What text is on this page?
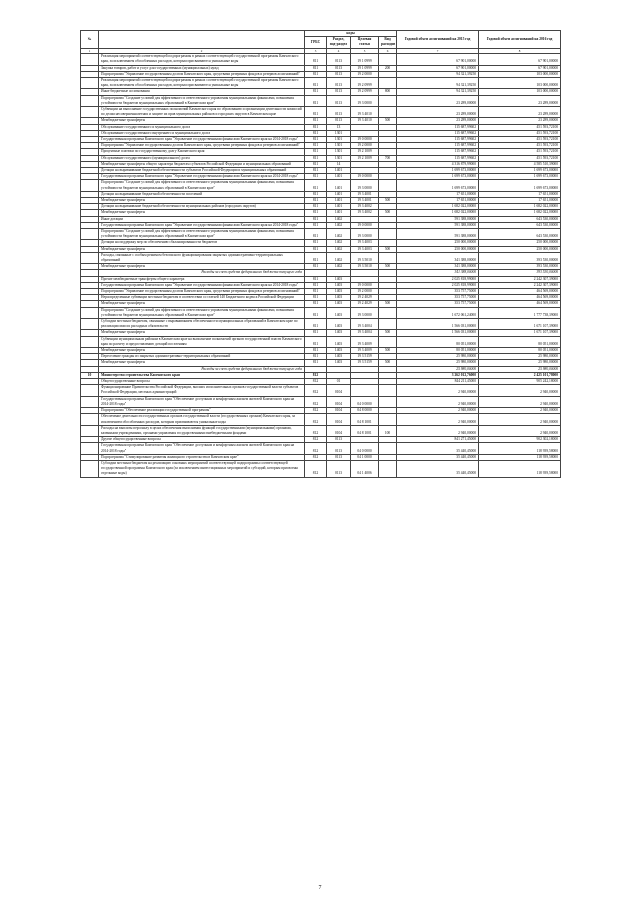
№		коды				Годовой объем ассигнований на 2015 год	Годовой объем ассигнований на 2016 год
		ГРБС	Раздел, под-раздел	Целевая статья	Вид расходов		
1	2	3	4	5	6	7	8
	Реализация мероприятий соответствующей подпрограммы в рамках соответствующей государственной программы Камчатского края, за исключением обособленных расходов, которым присваиваются уникальные коды	811	0113	19 1 0999		67 901,00000	67 901,00000
	Закупка товаров, работ и услуг для государственных (муниципальных) нужд	811	0113	19 1 0999	200	67 901,00000	67 901,00000
	Подпрограмма "Управление государственным долгом Камчатского края, средствами резервных фондов и резервов ассигнований"	811	0113	19 2 0000		94 321,39250	103 000,00000
	Реализация мероприятий соответствующей подпрограммы в рамках соответствующей государственной программы Камчатского края, за исключением обособленных расходов, которым присваиваются уникальные коды	811	0113	19 2 0999		94 321,39250	103 000,00000
	Иные бюджетные ассигнования	811	0113	19 2 0999	800	94 321,39250	103 000,00000
	Подпрограмма "Создание условий для эффективного и ответственного управления муниципальными финансами, повышения устойчивости бюджетов муниципальных образований в Камчатском крае"	811	0113	19 3 0000		23 289,00000	23 289,00000
	Субвенции на выполнение государственных полномочий Камчатского края по образованию и организации деятельности комиссий по делам несовершеннолетних и защите их прав муниципальных районов и городских округов в Камчатском крае	811	0113	19 3 4010		23 289,00000	23 289,00000
	Межбюджетные трансферты	811	0113	19 3 4010	500	23 289,00000	23 289,00000
	Обслуживание государственного и муниципального долга	811	13			115 687,99602	451 593,72100
	Обслуживание государственного внутреннего и муниципального долга	811	1301			115 687,99602	451 593,72100
	Государственная программа Камчатского края "Управление государственными финансами Камчатского края на 2014-2018 годы"	811	1301	19 0 0000		115 687,99602	451 593,72100
	Подпрограмма "Управление государственным долгом Камчатского края, средствами резервных фондов и резервов ассигнований"	811	1301	19 2 0000		115 687,99602	451 593,72100
	Процентные платежи по государственному долгу Камчатского края	811	1301	19 2 1009		115 687,99602	451 593,72100
	Обслуживание государственного (муниципального) долга	811	1301	19 2 1009	700	115 687,99602	451 593,72100
	Межбюджетные трансферты общего характера бюджетам субъектов Российской Федерации и муниципальных образований	811	14			4 316 879,99000	4 585 510,39000
	Дотации на выравнивание бюджетной обеспеченности субъектов Российской Федерации и муниципальных образований	811	1401			1 699 673,00000	1 699 673,00000
	Государственная программа Камчатского края "Управление государственными финансами Камчатского края на 2014-2018 годы"	811	1401	19 0 0000		1 699 673,00000	1 699 673,00000
	Подпрограмма "Создание условий для эффективного и ответственного управления муниципальными финансами, повышения устойчивости бюджетов муниципальных образований в Камчатском крае"	811	1401	19 3 0000		1 699 673,00000	1 699 673,00000
	Дотации на выравнивание бюджетной обеспеченности поселений	811	1401	19 3 4001		17 651,00000	17 651,00000
	Межбюджетные трансферты	811	1401	19 3 4001	500	17 651,00000	17 651,00000
	Дотации на выравнивание бюджетной обеспеченности муниципальных районов (городских округов)	811	1401	19 3 4002		1 682 022,00000	1 682 022,00000
	Межбюджетные трансферты	811	1401	19 3 4002	500	1 682 022,00000	1 682 022,00000
	Иные дотации	811	1402			591 388,00000	643 530,00000
	Государственная программа Камчатского края "Управление государственными финансами Камчатского края на 2014-2018 годы"	811	1402	19 0 0000		591 388,00000	643 530,00000
	Подпрограмма "Создание условий для эффективного и ответственного управления муниципальными финансами, повышения устойчивости бюджетов муниципальных образований в Камчатском крае"	811	1402	19 3 0000		591 388,00000	643 530,00000
	Дотации на поддержку мер по обеспечению сбалансированности бюджетов	811	1402	19 3 4003		250 000,00000	250 000,00000
	Межбюджетные трансферты	811	1402	19 3 4003	500	250 000,00000	250 000,00000
	Расходы, связанные с особым режимом безопасного функционирования закрытых административно-территориальных образований	811	1402	19 3 5010		341 388,00000	393 530,00000
	Межбюджетные трансферты	811	1402	19 3 5010	500	341 388,00000	393 530,00000
	Расходы за счет средств федерального бюджета текущего года					341 388,00000	393 530,00000
	Прочие межбюджетные трансферты общего характера	811	1403			2 025 818,99000	2 242 307,39000
	Государственная программа Камчатского края "Управление государственными финансами Камчатского края на 2014-2018 годы"	811	1403	19 0 0000		2 025 818,99000	2 242 307,39000
	Подпрограмма "Управление государственным долгом Камчатского края, средствами резервных фондов и резервов ассигнований"	811	1403	19 2 0000		353 757,75000	464 569,00000
	Нераспределенные субвенции местным бюджетам в соответствии со статьей 140 Бюджетного кодекса Российской Федерации	811	1403	19 2 4029		353 757,75000	464 569,00000
	Межбюджетные трансферты	811	1403	19 2 4029	500	353 757,75000	464 569,00000
	Подпрограмма "Создание условий для эффективного и ответственного управления муниципальными финансами, повышения устойчивости бюджетов муниципальных образований в Камчатском крае"	811	1403	19 3 0000		1 672 061,24000	1 777 738,39000
	Субсидии местным бюджетам, связанные с выравниванием обеспеченности муниципальных образований в Камчатском крае по реализации ими их расходных обязательств	811	1403	19 3 4004		1 566 031,00000	1 671 107,39000
	Межбюджетные трансферты	811	1403	19 3 4004	500	1 566 031,00000	1 671 107,39000
	Субвенции муниципальным районам в Камчатском крае на выполнение полномочий органов государственной власти Камчатского края по расчету и предоставлению дотаций поселениям	811	1403	19 3 4009		80 051,00000	80 051,00000
	Межбюджетные трансферты	811	1403	19 3 4009	500	80 051,00000	80 051,00000
	Переселение граждан из закрытых административно-территориальных образований	811	1403	19 3 5159		25 980,00000	25 980,00000
	Межбюджетные трансферты	811	1403	19 3 5159	500	25 980,00000	25 980,00000
	Расходы за счет средств федерального бюджета текущего года					25 980,00000	25 980,00000
10	Министерство строительства Камчатского края	812				3 262 012,76000	2 425 101,78000
	Общегосударственные вопросы	812	01			844 211,45000	905 242,18000
	Функционирование Правительства Российской Федерации, высших исполнительных органов государственной власти субъектов Российской Федерации, местных администраций	812	0104			2 940,00000	2 940,00000
	Государственная программа Камчатского края "Обеспечение доступным и комфортным жильем жителей Камчатского края на 2014-2018 годы"	812	0104	04 0 0000		2 940,00000	2 940,00000
	Подпрограмма "Обеспечение реализации государственной программы"	812	0104	04 8 0000		2 940,00000	2 940,00000
	Обеспечение деятельности государственных органов государственной власти (государственных органов) Камчатского края, за исключением обособленных расходов, которым присваиваются уникальные коды	812	0104	04 8 1001		2 940,00000	2 940,00000
	Расходы на выплаты персоналу в целях обеспечения выполнения функций государственными (муниципальными) органами, казенными учреждениями, органами управления государственными внебюджетными фондами	812	0104	04 8 1001	100	2 940,00000	2 940,00000
	Другие общегосударственные вопросы	812	0113			841 271,45000	902 302,18000
	Государственная программа Камчатского края "Обеспечение доступным и комфортным жильем жителей Камчатского края на 2014-2018 годы"	812	0113	04 0 0000		35 440,45000	118 939,58000
	Подпрограмма "Стимулирование развития жилищного строительства в Камчатском крае"	812	0113	04 1 0000		35 440,45000	118 939,58000
	Субсидии местным бюджетам на реализацию основных мероприятий соответствующей подпрограммы соответствующей государственной программы Камчатского края (за исключением инвестиционных мероприятий и субсидий, которым присвоены отдельные коды)	812	0113	04 1 4006		35 440,45000	118 939,58000
7
